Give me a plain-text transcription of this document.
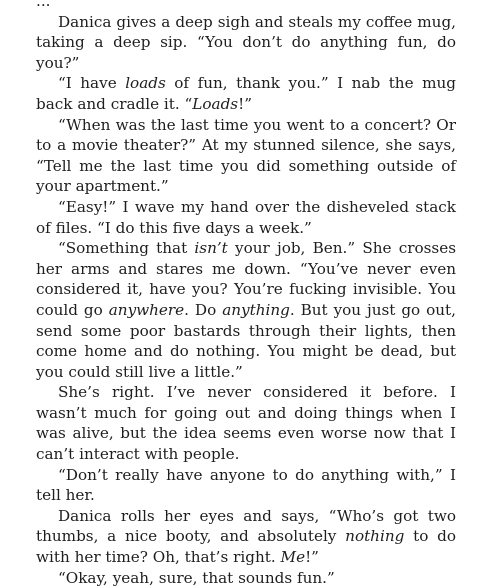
...

Danica gives a deep sigh and steals my coffee mug, taking a deep sip. “You don’t do anything fun, do you?”

“I have loads of fun, thank you.” I nab the mug back and cradle it. “Loads!”

“When was the last time you went to a concert? Or to a movie theater?” At my stunned silence, she says, “Tell me the last time you did something outside of your apartment.”

“Easy!” I wave my hand over the disheveled stack of files. “I do this five days a week.”

“Something that isn’t your job, Ben.” She crosses her arms and stares me down. “You’ve never even considered it, have you? You’re fucking invisible. You could go anywhere. Do anything. But you just go out, send some poor bastards through their lights, then come home and do nothing. You might be dead, but you could still live a little.”

She’s right. I’ve never considered it before. I wasn’t much for going out and doing things when I was alive, but the idea seems even worse now that I can’t interact with people.

“Don’t really have anyone to do anything with,” I tell her.

Danica rolls her eyes and says, “Who’s got two thumbs, a nice booty, and absolutely nothing to do with her time? Oh, that’s right. Me!”

“Okay, yeah, sure, that sounds fun.”
